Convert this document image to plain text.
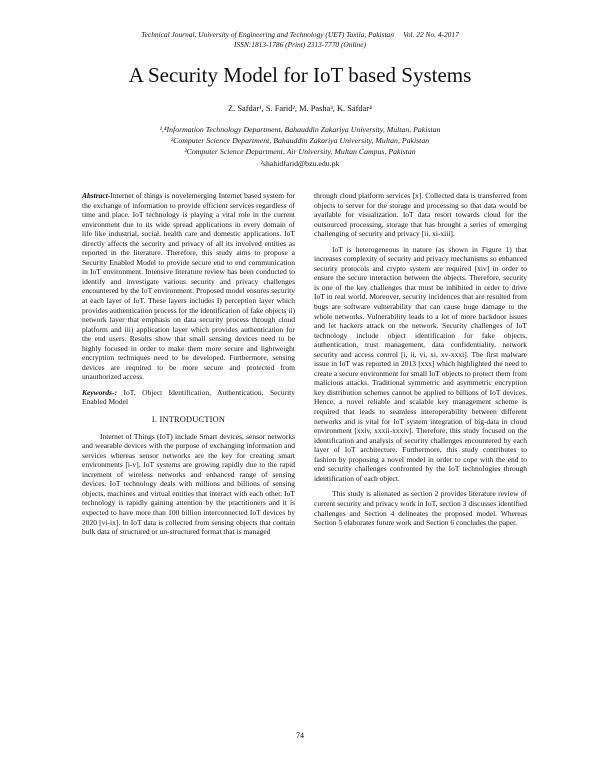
Technical Journal, University of Engineering and Technology (UET) Taxila, Pakistan     Vol. 22 No. 4-2017
ISSN:1813-1786 (Print) 2313-7770 (Online)
A Security Model for IoT based Systems
Z. Safdar¹, S. Farid², M. Pasha³, K. Safdar⁴
¹,⁴Information Technology Department, Bahauddin Zakariya University, Multan, Pakistan
²Computer Science Department, Bahauddin Zakariya University, Multan, Pakistan
³Computer Science Department, Air University, Multan Campus, Pakistan
²shahidfarid@bzu.edu.pk

Abstract-Internet of things is novelemerging Internet based system for the exchange of information to provide efficient services regardless of time and place. IoT technology is playing a vital role in the current environment due to its wide spread applications in every domain of life like industrial, social, health care and domestic applications. IoT directly affects the security and privacy of all its involved entities as reported in the literature. Therefore, this study aims to propose a Security Enabled Model to provide secure end to end communication in IoT environment. Intensive literature review has been conducted to identify and investigate various security and privacy challenges encountered by the IoT environment. Proposed model ensures security at each layer of IoT. These layers includes I) perception layer which provides authentication process for the identification of fake objects ii) network layer that emphasis on data security process through cloud platform and iii) application layer which provides authentication for the end users. Results show that small sensing devices need to be highly focused in order to make them more secure and lightweight encryption techniques need to be developed. Furthermore, sensing devices are required to be more secure and protected from unauthorized access.

Keywords-: IoT, Object Identification, Authentication, Security Enabled Model

I. INTRODUCTION

Internet of Things (IoT) include Smart devices, sensor networks and wearable devices with the purpose of exchanging information and services whereas sensor networks are the key for creating smart environments [i-v]. IoT systems are growing rapidly due to the rapid increment of wireless networks and enhanced range of sensing devices. IoT technology deals with millions and billions of sensing objects, machines and virtual entities that interact with each other. IoT technology is rapidly gaining attention by the practitioners and it is expected to have more than 100 billion interconnected IoT devices by 2020 [vi-ix]. In IoT data is collected from sensing objects that contain bulk data of structured or un-structured format that is managed

through cloud platform services [x]. Collected data is transferred from objects to server for the storage and processing so that data would be available for visualization. IoT data resort towards cloud for the outsourced processing, storage that has brought a series of emerging challenging of security and privacy [ii, xi-xiii].

IoT is heterogeneous in nature (as shown in Figure 1) that increases complexity of security and privacy mechanisms so enhanced security protocols and crypto system are required [xiv] in order to ensure the secure interaction between the objects. Therefore, security is one of the key challenges that must be inhibited in order to drive IoT in real world. Moreover, security incidences that are resulted from bugs are software vulnerability that can cause huge damage to the whole networks. Vulnerability leads to a lot of more backdoor issues and let hackers attack on the network. Security challenges of IoT technology include object identification for fake objects, authentication, trust management, data confidentiality, network security and access control [i, ii, vi, xi, xv-xxxi]. The first malware issue in IoT was reported in 2013 [xxx] which highlighted the need to create a secure environment for small IoT objects to protect them from malicious attacks. Traditional symmetric and asymmetric encryption key distribution schemes cannot be applied to billions of IoT devices. Hence, a novel reliable and scalable key management scheme is required that leads to seamless interoperability between different networks and is vital for IoT system integration of big-data in cloud environment [xxiv, xxxii-xxxiv]. Therefore, this study focused on the identification and analysis of security challenges encountered by each layer of IoT architecture. Furthermore, this study contributes to fashion by proposing a novel model in order to cope with the end to end security challenges confronted by the IoT technologies through identification of each object.

This study is alienated as section 2 provides literature review of current security and privacy work in IoT, section 3 discusses identified challenges and Section 4 delineates the proposed model. Whereas Section 5 elaborates future work and Section 6 concludes the paper.

74
